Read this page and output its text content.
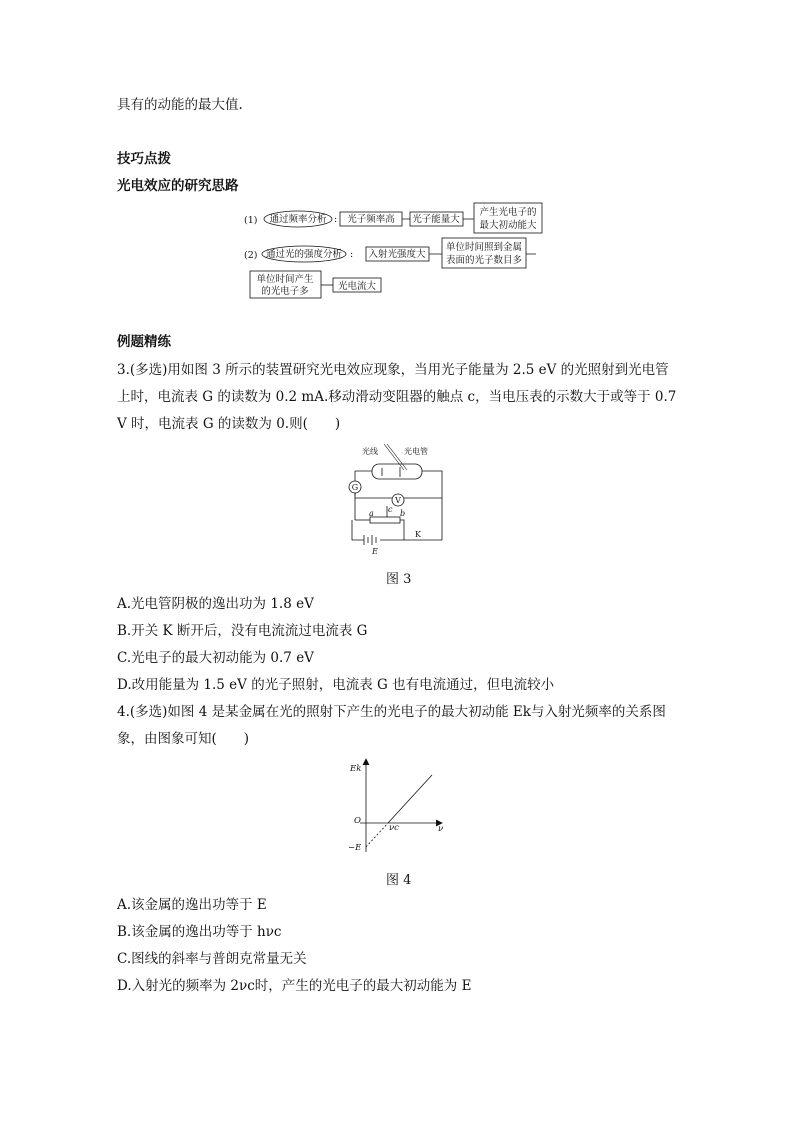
具有的动能的最大值.
技巧点拨
光电效应的研究思路
(1) 通过频率分析 : 光子频率高 光子能量大
产生光电子的
最大初动能大
(2) 通过光的强度分析 : 入射光强度大
单位时间照到金属
表面的光子数目多
单位时间产生
的光电子多	光电流大
例题精练
3.(多选)用如图 3 所示的装置研究光电效应现象，当用光子能量为 2.5 eV 的光照射到光电管
上时，电流表 G 的读数为 0.2 mA.移动滑动变阻器的触点 c，当电压表的示数大于或等于 0.7
V 时，电流表 G 的读数为 0.则(　　)
光线	光电管
G
V
a	b
c
K
E
图 3
A.光电管阴极的逸出功为 1.8 eV
B.开关 K 断开后，没有电流流过电流表 G
C.光电子的最大初动能为 0.7 eV
D.改用能量为 1.5 eV 的光子照射，电流表 G 也有电流通过，但电流较小
4.(多选)如图 4 是某金属在光的照射下产生的光电子的最大初动能 Ek与入射光频率的关系图
象，由图象可知(　　)
Ek
O
νc	ν
−E
图 4
A.该金属的逸出功等于 E
B.该金属的逸出功等于 hνc
C.图线的斜率与普朗克常量无关
D.入射光的频率为 2νc时，产生的光电子的最大初动能为 E
